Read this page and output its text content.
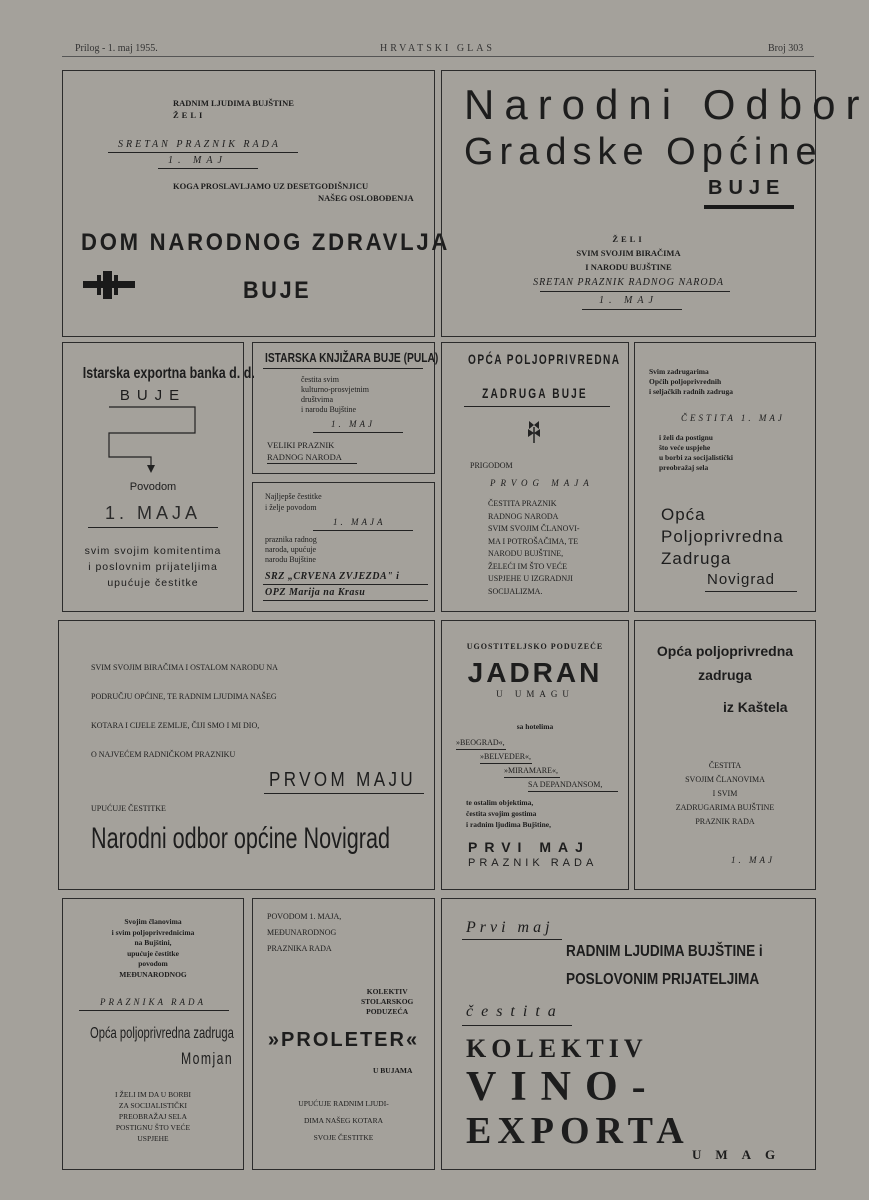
Prilog - 1. maj 1955.	HRVATSKI GLAS	Broj 303
RADNIM LJUDIMA BUJŠTINE
ŽELI
SRETAN PRAZNIK RADA
1. MAJ
KOGA PROSLAVLJAMO UZ DESETGODIŠNJICU
NAŠEG OSLOBOĐENJA
DOM NARODNOG ZDRAVLJA
BUJE
Narodni Odbor
Gradske Općine
BUJE
ŽELI
SVIM SVOJIM BIRAČIMA
I NARODU BUJŠTINE
SRETAN PRAZNIK RADNOG NARODA
1. MAJ
Istarska exportna banka d. d.
BUJE
Povodom
1. MAJA
svim svojim komitentima
i poslovnim prijateljima
upućuje čestitke
ISTARSKA KNJIŽARA BUJE (PULA)
čestita svim
kulturno-prosvjetnim
društvima
i narodu Bujštine
1. MAJ
VELIKI PRAZNIK
RADNOG NARODA
Najljepše čestitke
i želje povodom
1. MAJA
praznika radnog
naroda, upućuje
narodu Bujštine
SRZ „CRVENA ZVJEZDA" i
OPZ Marija na Krasu
OPĆA POLJOPRIVREDNA
ZADRUGA BUJE
PRIGODOM
PRVOG MAJA
ČESTITA PRAZNIK
RADNOG NARODA
SVIM SVOJIM ČLANOVI-
MA I POTROŠAČIMA, TE
NARODU BUJŠTINE,
ŽELEĆI IM ŠTO VEĆE
USPJEHE U IZGRADNJI
SOCIJALIZMA.
Svim zadrugarima
Općih poljoprivrednih
i seljačkih radnih zadruga
ČESTITA 1. MAJ
i želi da postignu
što veće uspjehe
u borbi za socijalistički
preobražaj sela
Opća
Poljoprivredna
Zadruga
Novigrad
SVIM SVOJIM BIRAČIMA I OSTALOM NARODU NA
PODRUČJU OPĆINE, TE RADNIM LJUDIMA NAŠEG
KOTARA I CIJELE ZEMLJE, ČIJI SMO I MI DIO,
O NAJVEĆEM RADNIČKOM PRAZNIKU
PRVOM MAJU
UPUĆUJE ČESTITKE
Narodni odbor općine Novigrad
UGOSTITELJSKO PODUZEĆE
JADRAN
U UMAGU
sa hotelima
»BEOGRAD«,
»BELVEDER«,
»MIRAMARE«,
SA DEPANDANSOM,
te ostalim objektima,
čestita svojim gostima
i radnim ljudima Bujštine,
PRVI MAJ
PRAZNIK RADA
Opća poljoprivredna
zadruga
iz Kaštela
ČESTITA
SVOJIM ČLANOVIMA
I SVIM
ZADRUGARIMA BUJŠTINE
PRAZNIK RADA
1. MAJ
Svojim članovima
i svim poljoprivrednicima
na Bujštini,
upućuje čestitke
povodom
MEĐUNARODNOG
PRAZNIKA RADA
Opća poljoprivredna zadruga
Momjan
I ŽELI IM DA U BORBI
ZA SOCIJALISTIČKI
PREOBRAŽAJ SELA
POSTIGNU ŠTO VEĆE
USPJEHE
POVODOM 1. MAJA,
MEĐUNARODNOG
PRAZNIKA RADA
KOLEKTIV
STOLARSKOG
PODUZEĆA
»PROLETER«
U BUJAMA
UPUĆUJE RADNIM LJUDI-
DIMA NAŠEG KOTARA
SVOJE ČESTITKE
Prvi maj
RADNIM LJUDIMA BUJŠTINE i
POSLOVONIM PRIJATELJIMA
čestita
KOLEKTIV
VINO-
EXPORTA
UMAG
